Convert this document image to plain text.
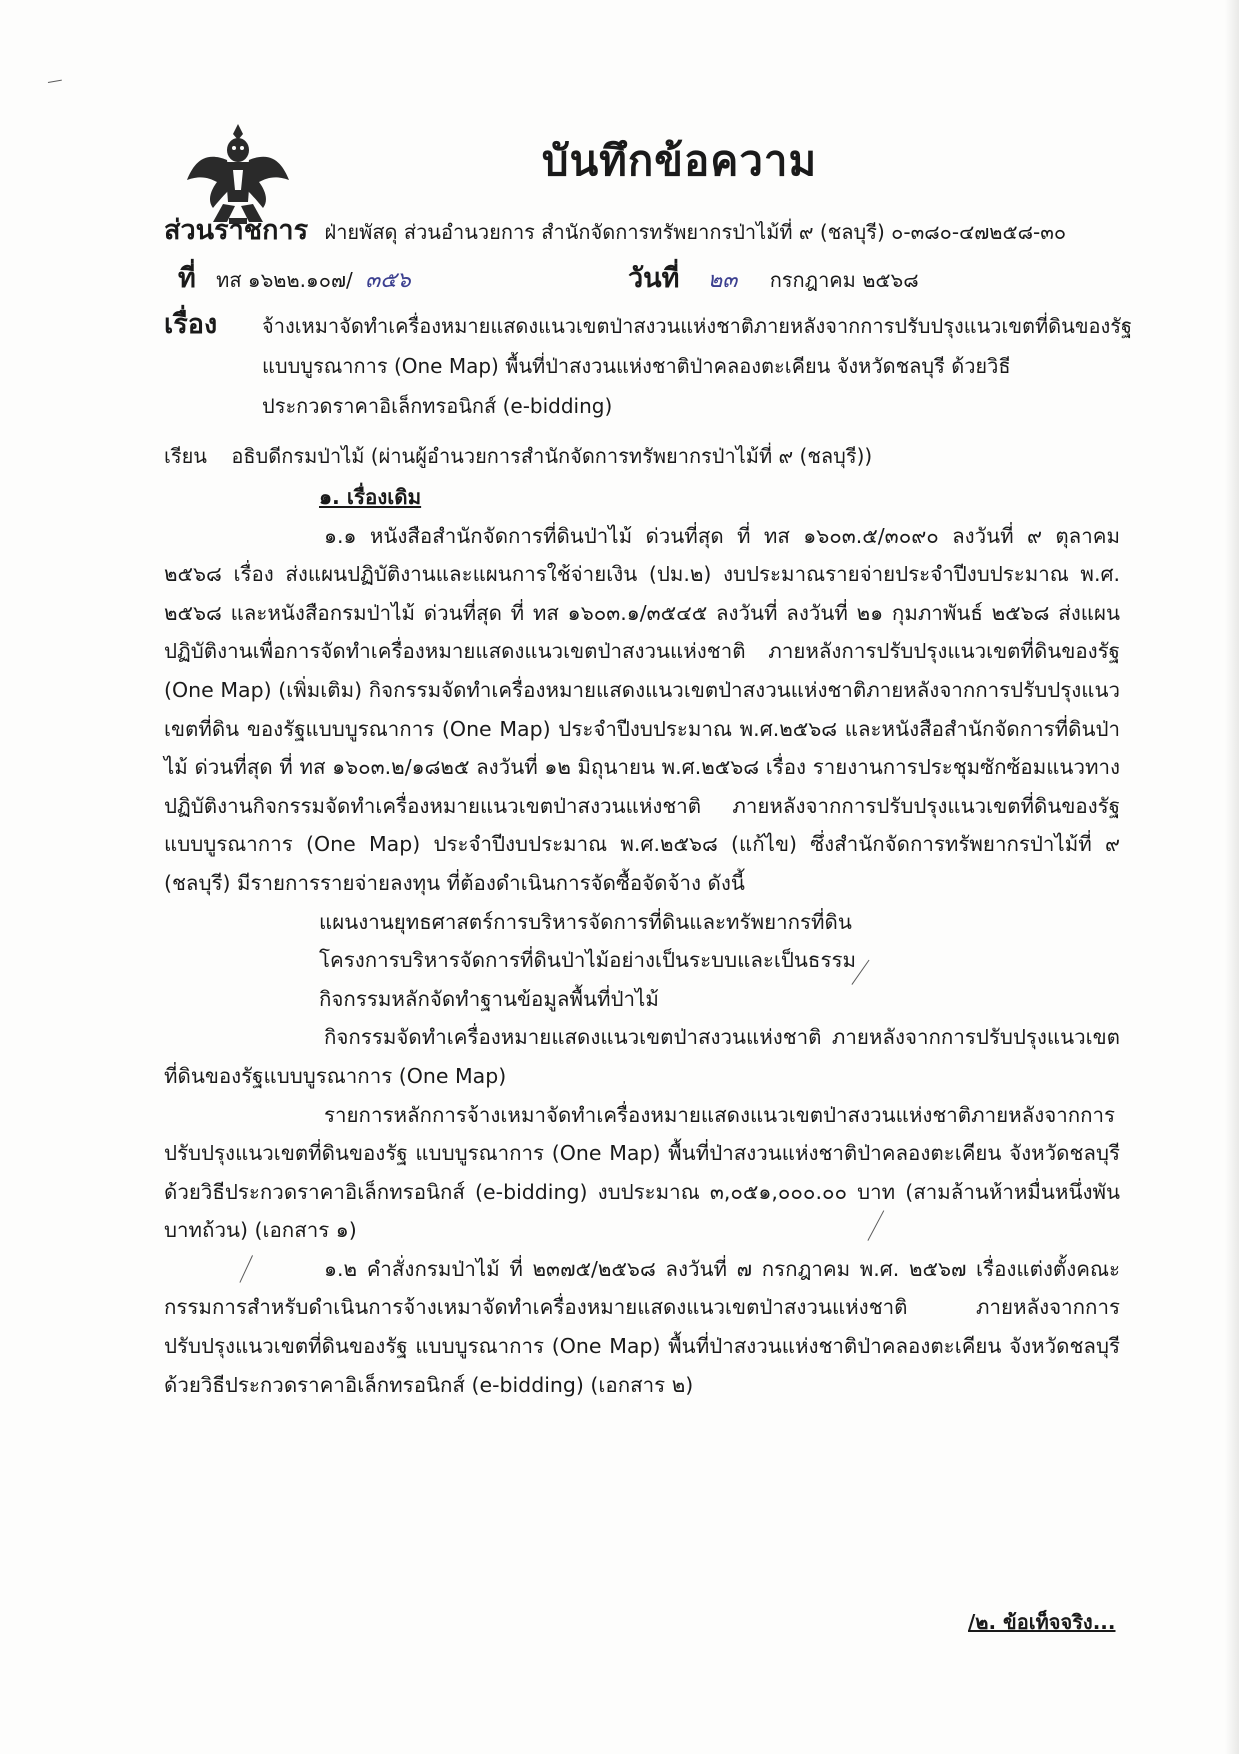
บันทึกข้อความ
ส่วนราชการ ฝ่ายพัสดุ ส่วนอำนวยการ สำนักจัดการทรัพยากรป่าไม้ที่ ๙ (ชลบุรี) ๐-๓๘๐-๔๗๒๕๘-๓๐
ที่ ทส ๑๖๒๒.๑๐๗/ ๓๕๖	วันที่ ๒๓ กรกฎาคม ๒๕๖๘
เรื่อง จ้างเหมาจัดทำเครื่องหมายแสดงแนวเขตป่าสงวนแห่งชาติภายหลังจากการปรับปรุงแนวเขตที่ดินของรัฐ
แบบบูรณาการ (One Map) พื้นที่ป่าสงวนแห่งชาติป่าคลองตะเคียน จังหวัดชลบุรี ด้วยวิธี
ประกวดราคาอิเล็กทรอนิกส์ (e-bidding)
เรียน อธิบดีกรมป่าไม้ (ผ่านผู้อำนวยการสำนักจัดการทรัพยากรป่าไม้ที่ ๙ (ชลบุรี))

๑. เรื่องเดิม

๑.๑ หนังสือสำนักจัดการที่ดินป่าไม้ ด่วนที่สุด ที่ ทส ๑๖๐๓.๕/๓๐๙๐ ลงวันที่ ๙ ตุลาคม ๒๕๖๘ เรื่อง ส่งแผนปฏิบัติงานและแผนการใช้จ่ายเงิน (ปม.๒) งบประมาณรายจ่ายประจำปีงบประมาณ พ.ศ. ๒๕๖๘ และหนังสือกรมป่าไม้ ด่วนที่สุด ที่ ทส ๑๖๐๓.๑/๓๕๔๕ ลงวันที่ ลงวันที่ ๒๑ กุมภาพันธ์ ๒๕๖๘ ส่งแผนปฏิบัติงานเพื่อการจัดทำเครื่องหมายแสดงแนวเขตป่าสงวนแห่งชาติ ภายหลังการปรับปรุงแนวเขตที่ดินของรัฐ (One Map) (เพิ่มเติม) กิจกรรมจัดทำเครื่องหมายแสดงแนวเขตป่าสงวนแห่งชาติภายหลังจากการปรับปรุงแนวเขตที่ดิน ของรัฐแบบบูรณาการ (One Map) ประจำปีงบประมาณ พ.ศ.๒๕๖๘ และหนังสือสำนักจัดการที่ดินป่าไม้ ด่วนที่สุด ที่ ทส ๑๖๐๓.๒/๑๘๒๕ ลงวันที่ ๑๒ มิถุนายน พ.ศ.๒๕๖๘ เรื่อง รายงานการประชุมซักซ้อมแนวทางปฏิบัติงานกิจกรรมจัดทำเครื่องหมายแนวเขตป่าสงวนแห่งชาติ ภายหลังจากการปรับปรุงแนวเขตที่ดินของรัฐ แบบบูรณาการ (One Map) ประจำปีงบประมาณ พ.ศ.๒๕๖๘ (แก้ไข) ซึ่งสำนักจัดการทรัพยากรป่าไม้ที่ ๙ (ชลบุรี) มีรายการรายจ่ายลงทุน ที่ต้องดำเนินการจัดซื้อจัดจ้าง ดังนี้

แผนงานยุทธศาสตร์การบริหารจัดการที่ดินและทรัพยากรที่ดิน

โครงการบริหารจัดการที่ดินป่าไม้อย่างเป็นระบบและเป็นธรรม

กิจกรรมหลักจัดทำฐานข้อมูลพื้นที่ป่าไม้

กิจกรรมจัดทำเครื่องหมายแสดงแนวเขตป่าสงวนแห่งชาติ ภายหลังจากการปรับปรุงแนวเขตที่ดินของรัฐแบบบูรณาการ (One Map)

รายการหลักการจ้างเหมาจัดทำเครื่องหมายแสดงแนวเขตป่าสงวนแห่งชาติภายหลังจากการปรับปรุงแนวเขตที่ดินของรัฐ แบบบูรณาการ (One Map) พื้นที่ป่าสงวนแห่งชาติป่าคลองตะเคียน จังหวัดชลบุรี ด้วยวิธีประกวดราคาอิเล็กทรอนิกส์ (e-bidding) งบประมาณ ๓,๐๕๑,๐๐๐.๐๐ บาท (สามล้านห้าหมื่นหนึ่งพันบาทถ้วน) (เอกสาร ๑)

๑.๒ คำสั่งกรมป่าไม้ ที่ ๒๓๗๕/๒๕๖๘ ลงวันที่ ๗ กรกฎาคม พ.ศ. ๒๕๖๗ เรื่องแต่งตั้งคณะกรรมการสำหรับดำเนินการจ้างเหมาจัดทำเครื่องหมายแสดงแนวเขตป่าสงวนแห่งชาติ ภายหลังจากการปรับปรุงแนวเขตที่ดินของรัฐ แบบบูรณาการ (One Map) พื้นที่ป่าสงวนแห่งชาติป่าคลองตะเคียน จังหวัดชลบุรี ด้วยวิธีประกวดราคาอิเล็กทรอนิกส์ (e-bidding) (เอกสาร ๒)

/๒. ข้อเท็จจริง...
